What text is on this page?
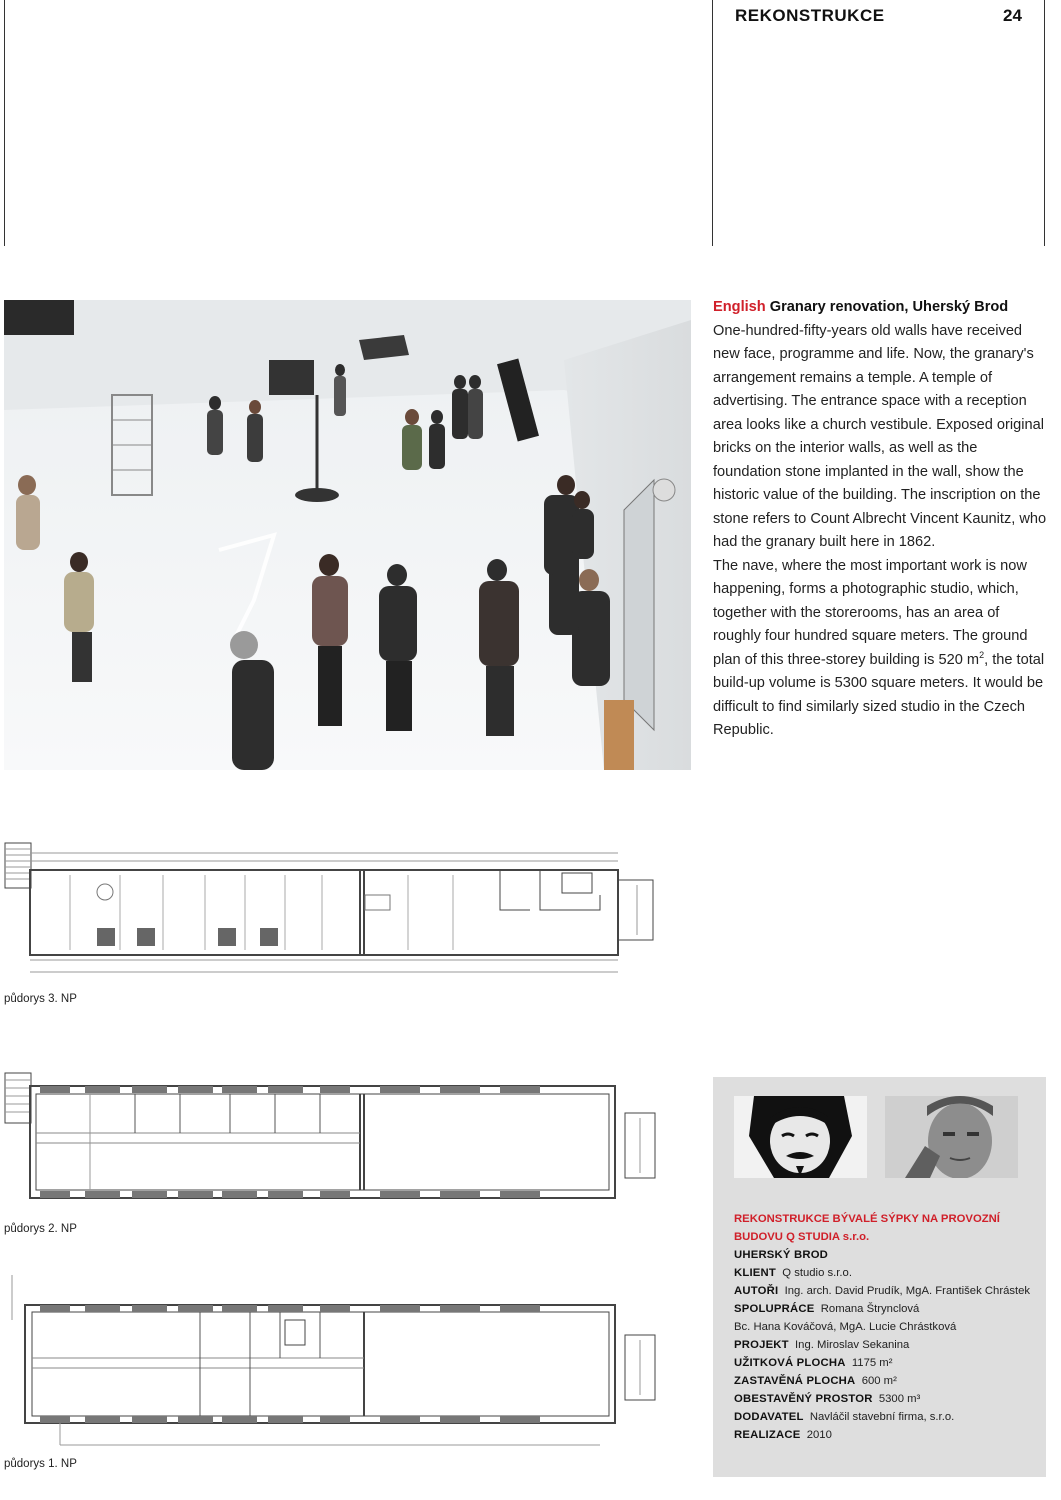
REKONSTRUKCE	24
English Granary renovation, Uherský Brod  One-hundred-fifty-years old walls have received new face, programme and life. Now, the granary's arrangement remains a temple. A temple of advertising. The entrance space with a reception area looks like a church vestibule. Exposed original bricks on the interior walls, as well as the foundation stone implanted in the wall, show the historic value of the building. The inscription on the stone refers to Count Albrecht Vincent Kaunitz, who had the granary built here in 1862.
The nave, where the most important work is now happening, forms a photographic studio, which, together with the storerooms, has an area of roughly four hundred square meters. The ground plan of this three-storey building is 520 $m^2$, the total build-up volume is 5300 square meters. It would be difficult to find similarly sized studio in the Czech Republic.
půdorys 3. NP
půdorys 2. NP
půdorys 1. NP
REKONSTRUKCE BÝVALÉ SÝPKY NA PROVOZNÍ BUDOVU Q STUDIA s.r.o.
UHERSKÝ BROD
KLIENT Q studio s.r.o.
AUTOŘI Ing. arch. David Prudík, MgA. František Chrástek
SPOLUPRÁCE Romana Štrynclová
Bc. Hana Kováčová, MgA. Lucie Chrástková
PROJEKT Ing. Miroslav Sekanina
UŽITKOVÁ PLOCHA 1175 m²
ZASTAVĚNÁ PLOCHA 600 m²
OBESTAVĚNÝ PROSTOR 5300 m³
DODAVATEL Navláčil stavební firma, s.r.o.
REALIZACE 2010
